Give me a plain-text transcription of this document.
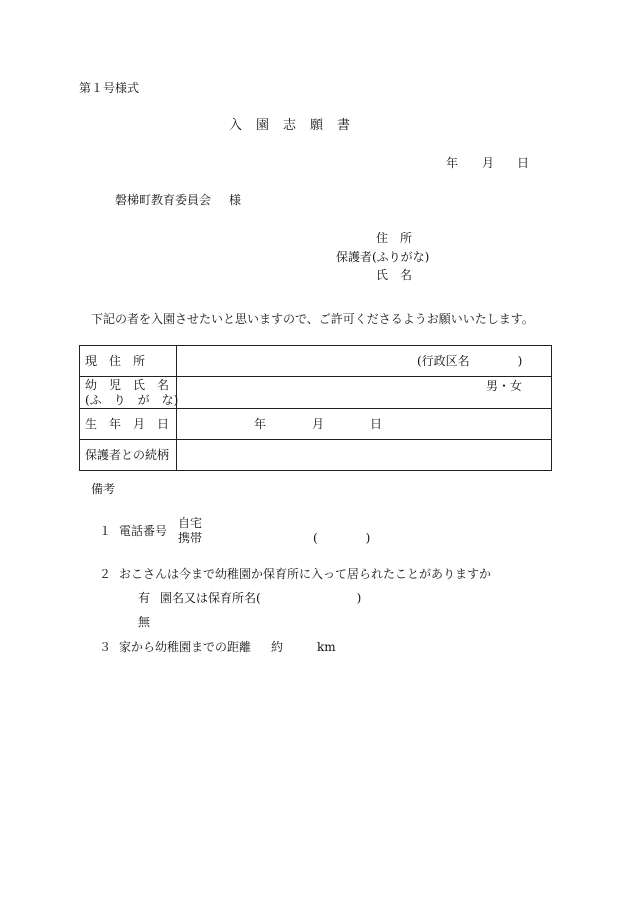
第１号様式
入　園　志　願　書
年 月 日
磐梯町教育委員会 様
住　所
保護者(ふりがな)
氏　名
下記の者を入園させたいと思いますので、ご許可くださるようお願いいたします。
現　住　所	(行政区名　　　　)

幼　児　氏　名
(ふ　り　が　な)	男・女

生　年　月　日	年 月 日

保護者との続柄	

備考
１ 電話番号
自宅
携帯	(　　　　)
２ おこさんは今まで幼稚園か保育所に入って居られたことがありますか
有 園名又は保育所名(　　　　　　　　)
無
３ 家から幼稚園までの距離 約	km
